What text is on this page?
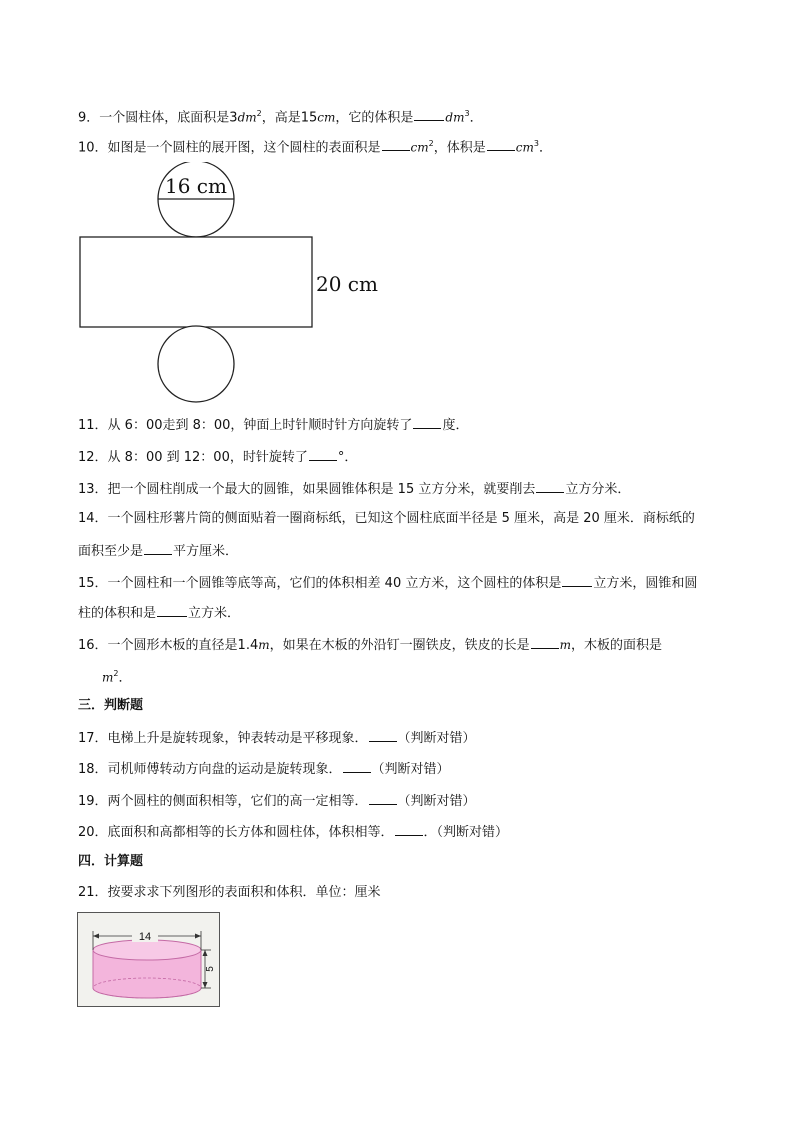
9．一个圆柱体，底面积是$3dm^2$，高是15cm，它的体积是	$dm^3$．
10．如图是一个圆柱的展开图，这个圆柱的表面积是	$cm^2$，体积是	$cm^3$．
16 cm
20 cm
11．从 6：00走到 8：00，钟面上时针顺时针方向旋转了 度．
12．从 8：00 到 12：00，时针旋转了 °．
13．把一个圆柱削成一个最大的圆锥，如果圆锥体积是 15 立方分米，就要削去 立方分米．
14．一个圆柱形薯片筒的侧面贴着一圈商标纸，已知这个圆柱底面半径是 5 厘米，高是 20 厘米．商标纸的
面积至少是 平方厘米．
15．一个圆柱和一个圆锥等底等高，它们的体积相差 40 立方米，这个圆柱的体积是 立方米，圆锥和圆
柱的体积和是 立方米．
16．一个圆形木板的直径是1.4m，如果在木板的外沿钉一圈铁皮，铁皮的长是	m，木板的面积是
$m^2$．
三．判断题
17．电梯上升是旋转现象，钟表转动是平移现象． （判断对错）
18．司机师傅转动方向盘的运动是旋转现象． （判断对错）
19．两个圆柱的侧面积相等，它们的高一定相等． （判断对错）
20．底面积和高都相等的长方体和圆柱体，体积相等． ．（判断对错）
四．计算题
21．按要求求下列图形的表面积和体积．单位：厘米
14
5
